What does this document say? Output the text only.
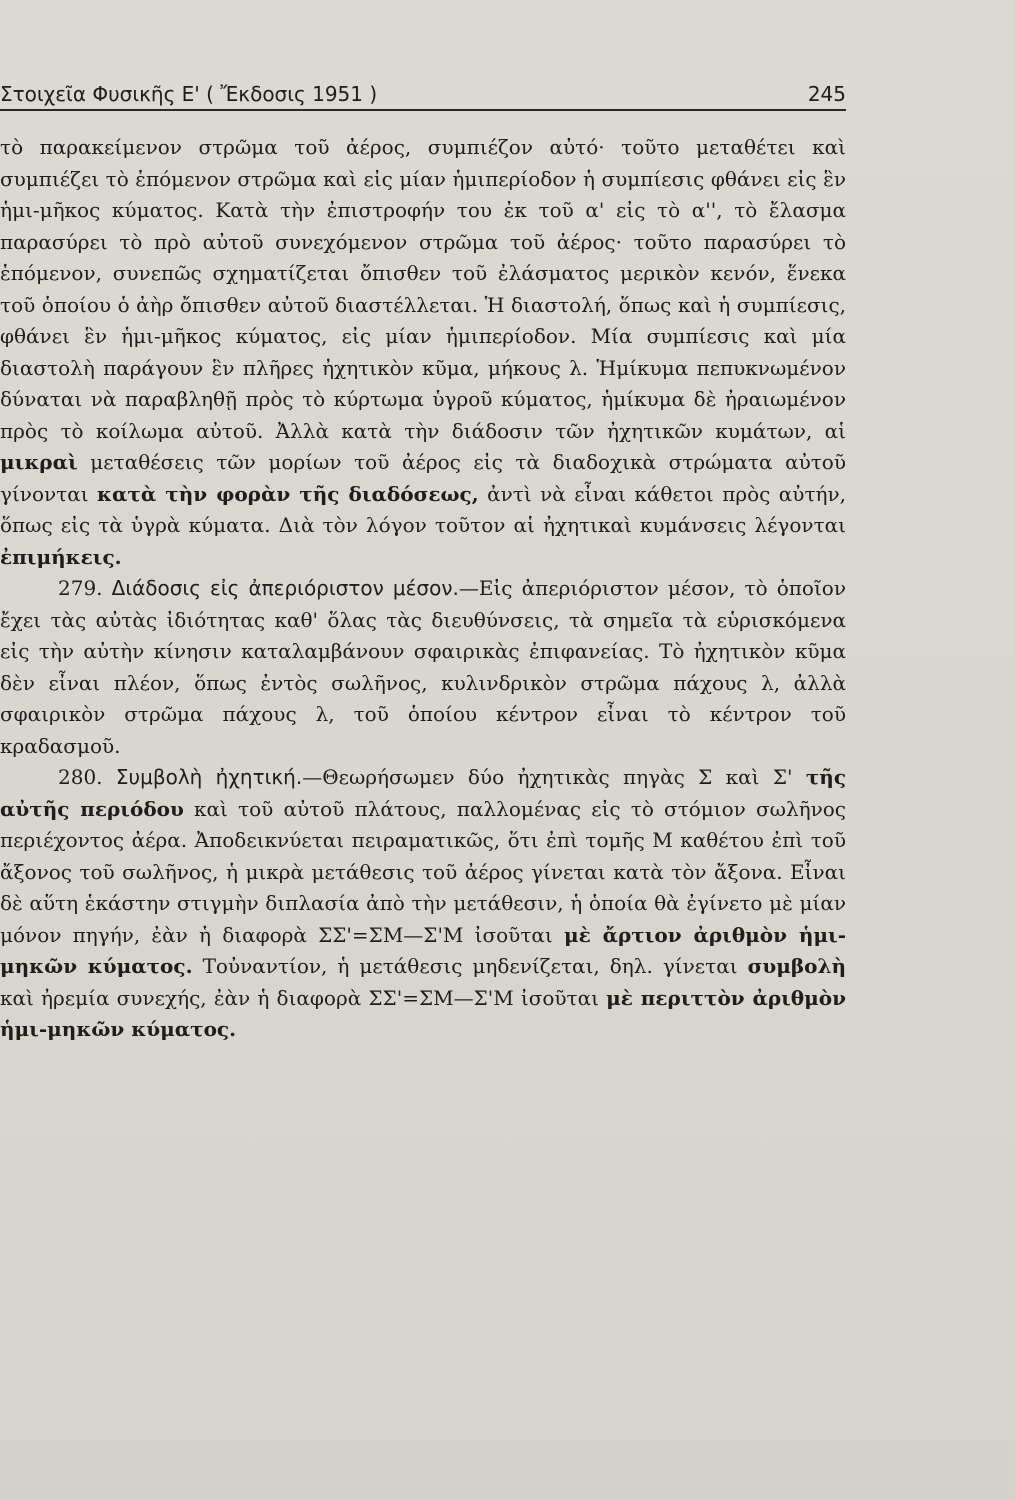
Στοιχεῖα Φυσικῆς Ε' ( Ἔκδοσις 1951 )	245

τὸ παρακείμενον στρῶμα τοῦ ἀέρος, συμπιέζον αὐτό· τοῦτο μεταθέτει καὶ συμπιέζει τὸ ἑπόμενον στρῶμα καὶ εἰς μίαν ἡμιπερίοδον ἡ συμπίεσις φθάνει εἰς ἓν ἡμι-μῆκος κύματος. Κατὰ τὴν ἐπιστροφήν του ἐκ τοῦ α' εἰς τὸ α'', τὸ ἔλασμα παρασύρει τὸ πρὸ αὐτοῦ συνεχόμενον στρῶμα τοῦ ἀέρος· τοῦτο παρασύρει τὸ ἑπόμενον, συνεπῶς σχηματίζεται ὄπισθεν τοῦ ἐλάσματος μερικὸν κενόν, ἕνεκα τοῦ ὁποίου ὁ ἀὴρ ὄπισθεν αὐτοῦ διαστέλλεται. Ἡ διαστολή, ὅπως καὶ ἡ συμπίεσις, φθάνει ἓν ἡμι-μῆκος κύματος, εἰς μίαν ἡμιπερίοδον. Μία συμπίεσις καὶ μία διαστολὴ παράγουν ἓν πλῆρες ἠχητικὸν κῦμα, μήκους λ. Ἡμίκυμα πεπυκνωμένον δύναται νὰ παραβληθῇ πρὸς τὸ κύρτωμα ὑγροῦ κύματος, ἡμίκυμα δὲ ἠραιωμένον πρὸς τὸ κοίλωμα αὐτοῦ. Ἀλλὰ κατὰ τὴν διάδοσιν τῶν ἠχητικῶν κυμάτων, αἱ μικραὶ μεταθέσεις τῶν μορίων τοῦ ἀέρος εἰς τὰ διαδοχικὰ στρώματα αὐτοῦ γίνονται κατὰ τὴν φορὰν τῆς διαδόσεως, ἀντὶ νὰ εἶναι κάθετοι πρὸς αὐτήν, ὅπως εἰς τὰ ὑγρὰ κύματα. Διὰ τὸν λόγον τοῦτον αἱ ἠχητικαὶ κυμάνσεις λέγονται ἐπιμήκεις.

279. Διάδοσις εἰς ἀπεριόριστον μέσον.—Εἰς ἀπεριόριστον μέσον, τὸ ὁποῖον ἔχει τὰς αὐτὰς ἰδιότητας καθ' ὅλας τὰς διευθύνσεις, τὰ σημεῖα τὰ εὑρισκόμενα εἰς τὴν αὐτὴν κίνησιν καταλαμβάνουν σφαιρικὰς ἐπιφανείας. Τὸ ἠχητικὸν κῦμα δὲν εἶναι πλέον, ὅπως ἐντὸς σωλῆνος, κυλινδρικὸν στρῶμα πάχους λ, ἀλλὰ σφαιρικὸν στρῶμα πάχους λ, τοῦ ὁποίου κέντρον εἶναι τὸ κέντρον τοῦ κραδασμοῦ.

280. Συμβολὴ ἠχητική.—Θεωρήσωμεν δύο ἠχητικὰς πηγὰς Σ καὶ Σ' τῆς αὐτῆς περιόδου καὶ τοῦ αὐτοῦ πλάτους, παλλομένας εἰς τὸ στόμιον σωλῆνος περιέχοντος ἀέρα. Ἀποδεικνύεται πειραματικῶς, ὅτι ἐπὶ τομῆς Μ καθέτου ἐπὶ τοῦ ἄξονος τοῦ σωλῆνος, ἡ μικρὰ μετάθεσις τοῦ ἀέρος γίνεται κατὰ τὸν ἄξονα. Εἶναι δὲ αὕτη ἑκάστην στιγμὴν διπλασία ἀπὸ τὴν μετάθεσιν, ἡ ὁποία θὰ ἐγίνετο μὲ μίαν μόνον πηγήν, ἐὰν ἡ διαφορὰ ΣΣ'=ΣΜ—Σ'Μ ἰσοῦται μὲ ἄρτιον ἀριθμὸν ἡμι-μηκῶν κύματος. Τοὐναντίον, ἡ μετάθεσις μηδενίζεται, δηλ. γίνεται συμβολὴ καὶ ἠρεμία συνεχής, ἐὰν ἡ διαφορὰ ΣΣ'=ΣΜ—Σ'Μ ἰσοῦται μὲ περιττὸν ἀριθμὸν ἡμι-μηκῶν κύματος.
